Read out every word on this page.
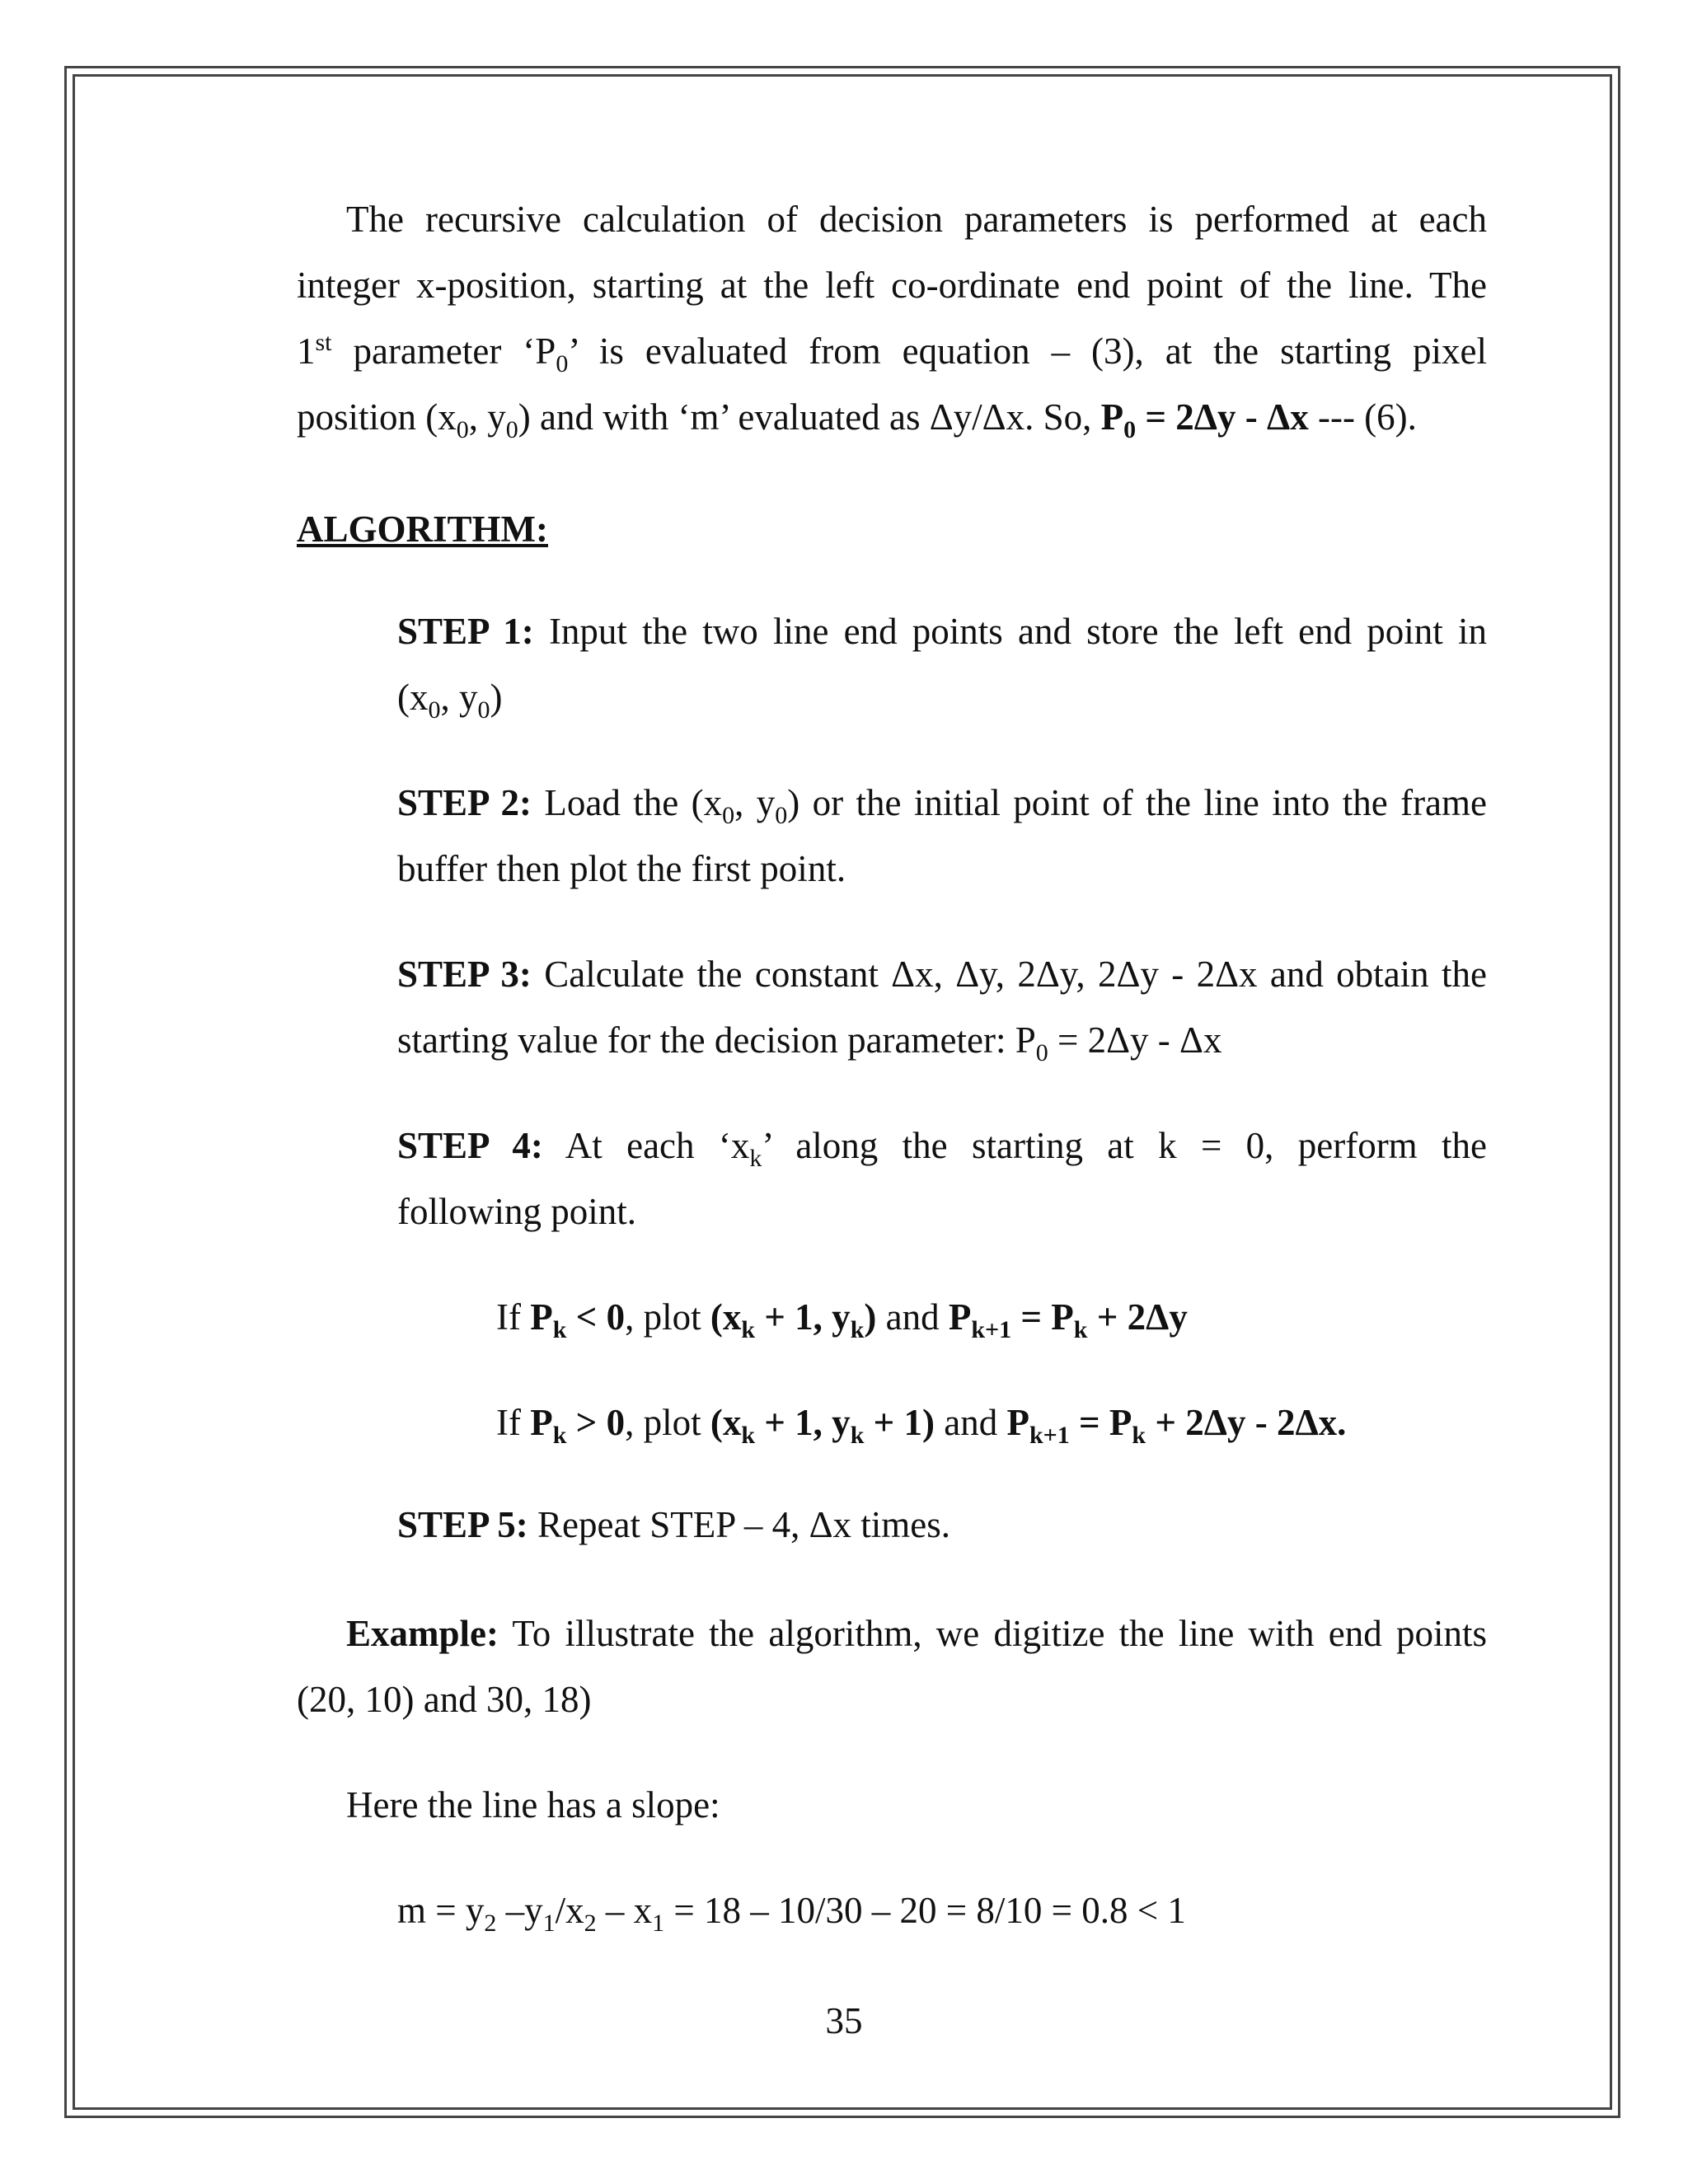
The recursive calculation of decision parameters is performed at each
integer x-position, starting at the left co-ordinate end point of the line. The
1st parameter ‘$P_0$’ is evaluated from equation – (3), at the starting pixel
position ($x_0$, $y_0$) and with ‘m’ evaluated as Δy/Δx. So, $P_0 = 2\Delta y - \Delta x$ --- (6).
ALGORITHM:
STEP 1: Input the two line end points and store the left end point in
($x_0$, $y_0$)
STEP 2: Load the ($x_0$, $y_0$) or the initial point of the line into the frame
buffer then plot the first point.
STEP 3: Calculate the constant Δx, Δy, 2Δy, 2Δy - 2Δx and obtain the
starting value for the decision parameter: $P_0 = 2\Delta y - \Delta x$
STEP 4: At each ‘$x_k$’ along the starting at k = 0, perform the
following point.
If $P_k < 0$, plot ($x_k + 1$, $y_k$) and $P_{k+1} = P_k + 2\Delta y$
If $P_k > 0$, plot ($x_k + 1$, $y_k + 1$) and $P_{k+1} = P_k + 2\Delta y - 2\Delta x$.
STEP 5: Repeat STEP – 4, Δx times.
Example: To illustrate the algorithm, we digitize the line with end points
(20, 10) and 30, 18)
Here the line has a slope:
$m = y_2$ $-y_1/x_2 - x_1 = 18 - 10/30 - 20 = 8/10 = 0.8 < 1$
35
